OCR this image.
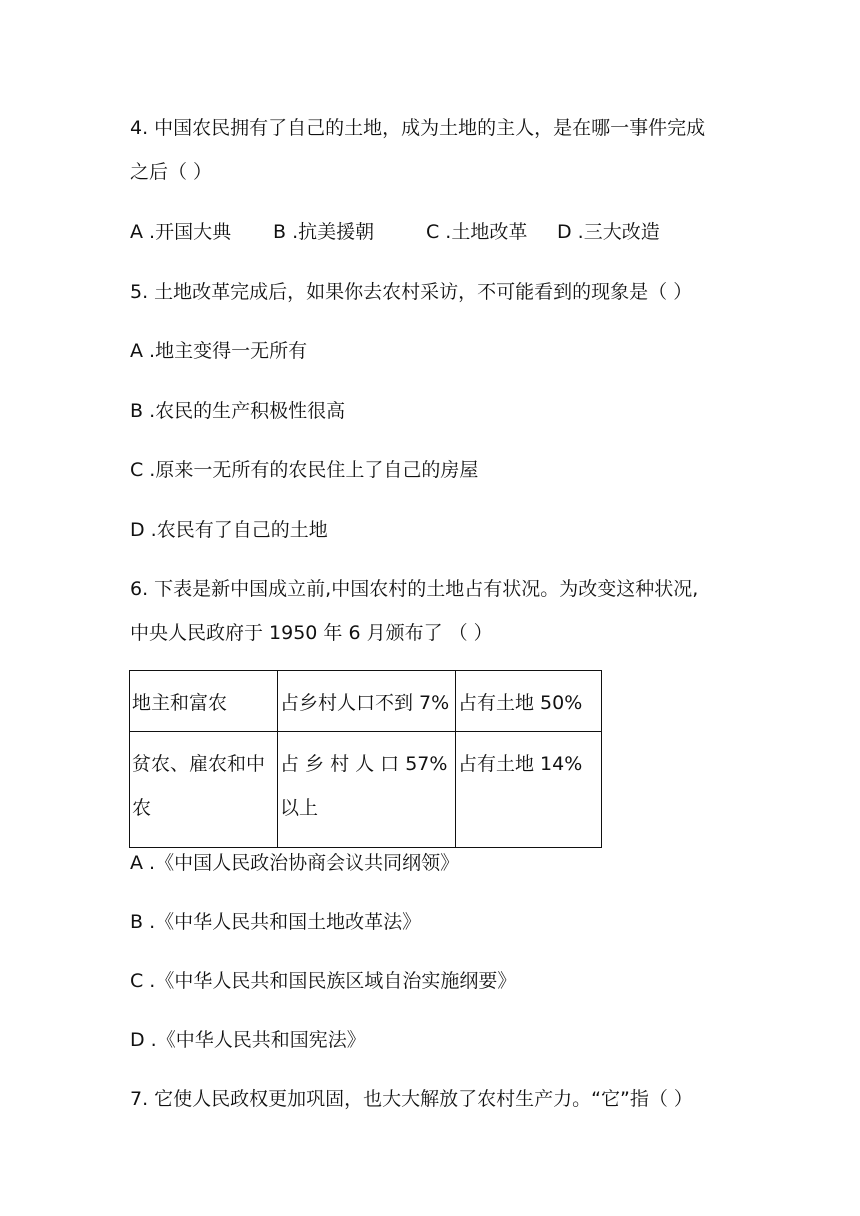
4. 中国农民拥有了自己的土地，成为土地的主人，是在哪一事件完成
之后（ ）
A .开国大典 B .抗美援朝	C .土地改革 D .三大改造
5. 土地改革完成后，如果你去农村采访，不可能看到的现象是（ ）
A .地主变得一无所有
B .农民的生产积极性很高
C .原来一无所有的农民住上了自己的房屋
D .农民有了自己的土地
6. 下表是新中国成立前,中国农村的土地占有状况。为改变这种状况,
中央人民政府于 1950 年 6 月颁布了 （ ）
地主和富农	占乡村人口不到 7%	占有土地 50%
贫农、雇农和中农	占 乡 村 人 口 57% 以上	占有土地 14%
A .《中国人民政治协商会议共同纲领》
B .《中华人民共和国土地改革法》
C .《中华人民共和国民族区域自治实施纲要》
D .《中华人民共和国宪法》
7. 它使人民政权更加巩固，也大大解放了农村生产力。“它”指（ ）
